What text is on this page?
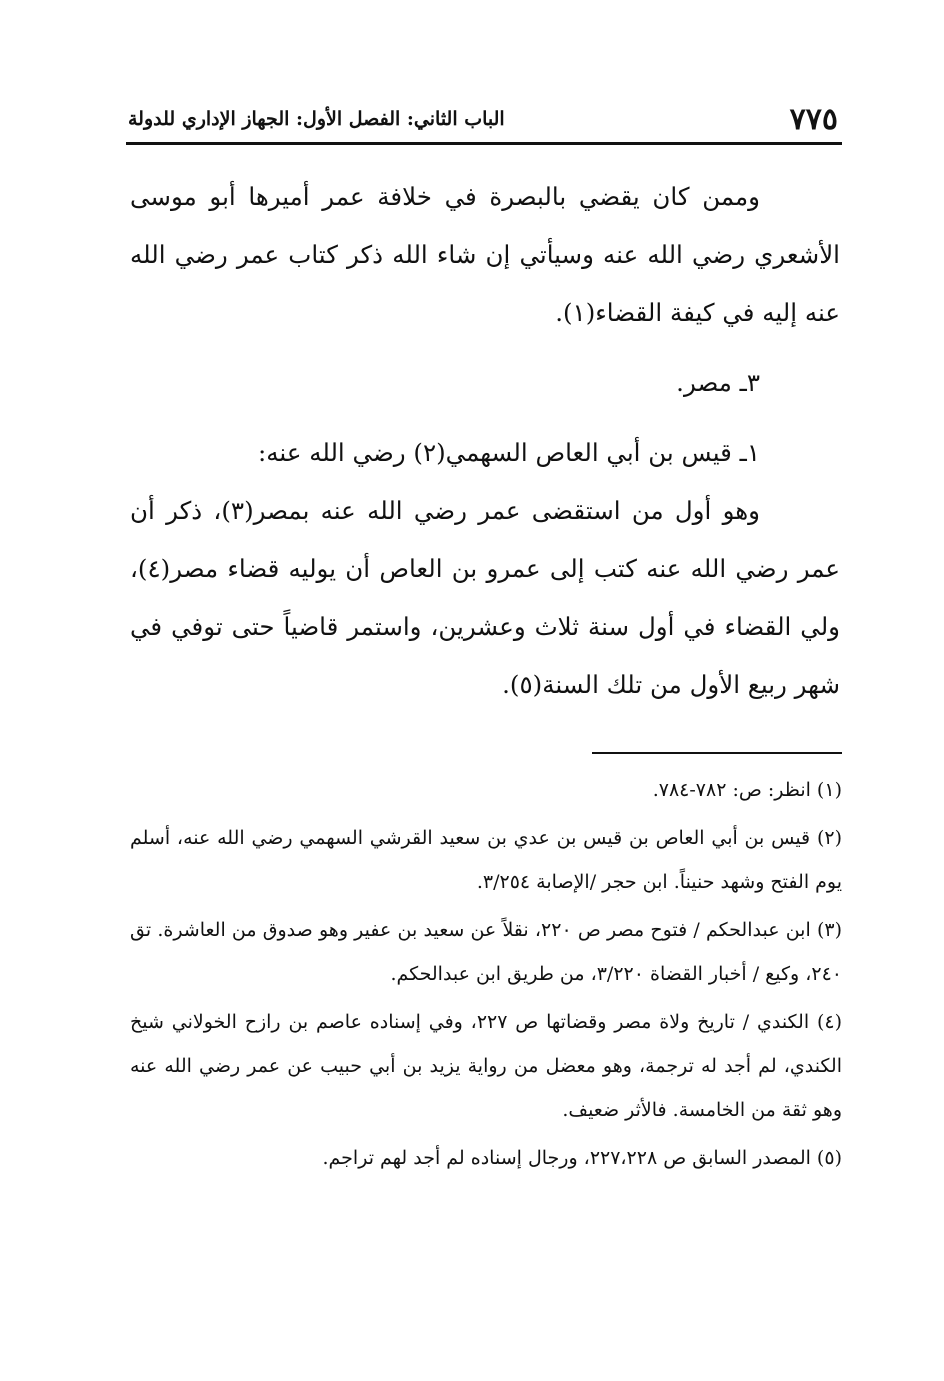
٧٧٥
الباب الثاني: الفصل الأول: الجهاز الإداري للدولة

وممن كان يقضي بالبصرة في خلافة عمر أميرها أبو موسى الأشعري رضي الله عنه وسيأتي إن شاء الله ذكر كتاب عمر رضي الله عنه إليه في كيفة القضاء(١).

٣ـ مصر.

١ـ قيس بن أبي العاص السهمي(٢) رضي الله عنه:

وهو أول من استقضى عمر رضي الله عنه بمصر(٣)، ذكر أن عمر رضي الله عنه كتب إلى عمرو بن العاص أن يوليه قضاء مصر(٤)، ولي القضاء في أول سنة ثلاث وعشرين، واستمر قاضياً حتى توفي في شهر ربيع الأول من تلك السنة(٥).

(١) انظر: ص: ٧٨٢-٧٨٤.

(٢) قيس بن أبي العاص بن قيس بن عدي بن سعيد القرشي السهمي رضي الله عنه، أسلم يوم الفتح وشهد حنيناً. ابن حجر /الإصابة ٣/٢٥٤.

(٣) ابن عبدالحكم / فتوح مصر ص ٢٢٠، نقلاً عن سعيد بن عفير وهو صدوق من العاشرة. تق ٢٤٠، وكيع / أخبار القضاة ٣/٢٢٠، من طريق ابن عبدالحكم.

(٤) الكندي / تاريخ ولاة مصر وقضاتها ص ٢٢٧، وفي إسناده عاصم بن رازح الخولاني شيخ الكندي، لم أجد له ترجمة، وهو معضل من رواية يزيد بن أبي حبيب عن عمر رضي الله عنه وهو ثقة من الخامسة. فالأثر ضعيف.

(٥) المصدر السابق ص ٢٢٧،٢٢٨، ورجال إسناده لم أجد لهم تراجم.
